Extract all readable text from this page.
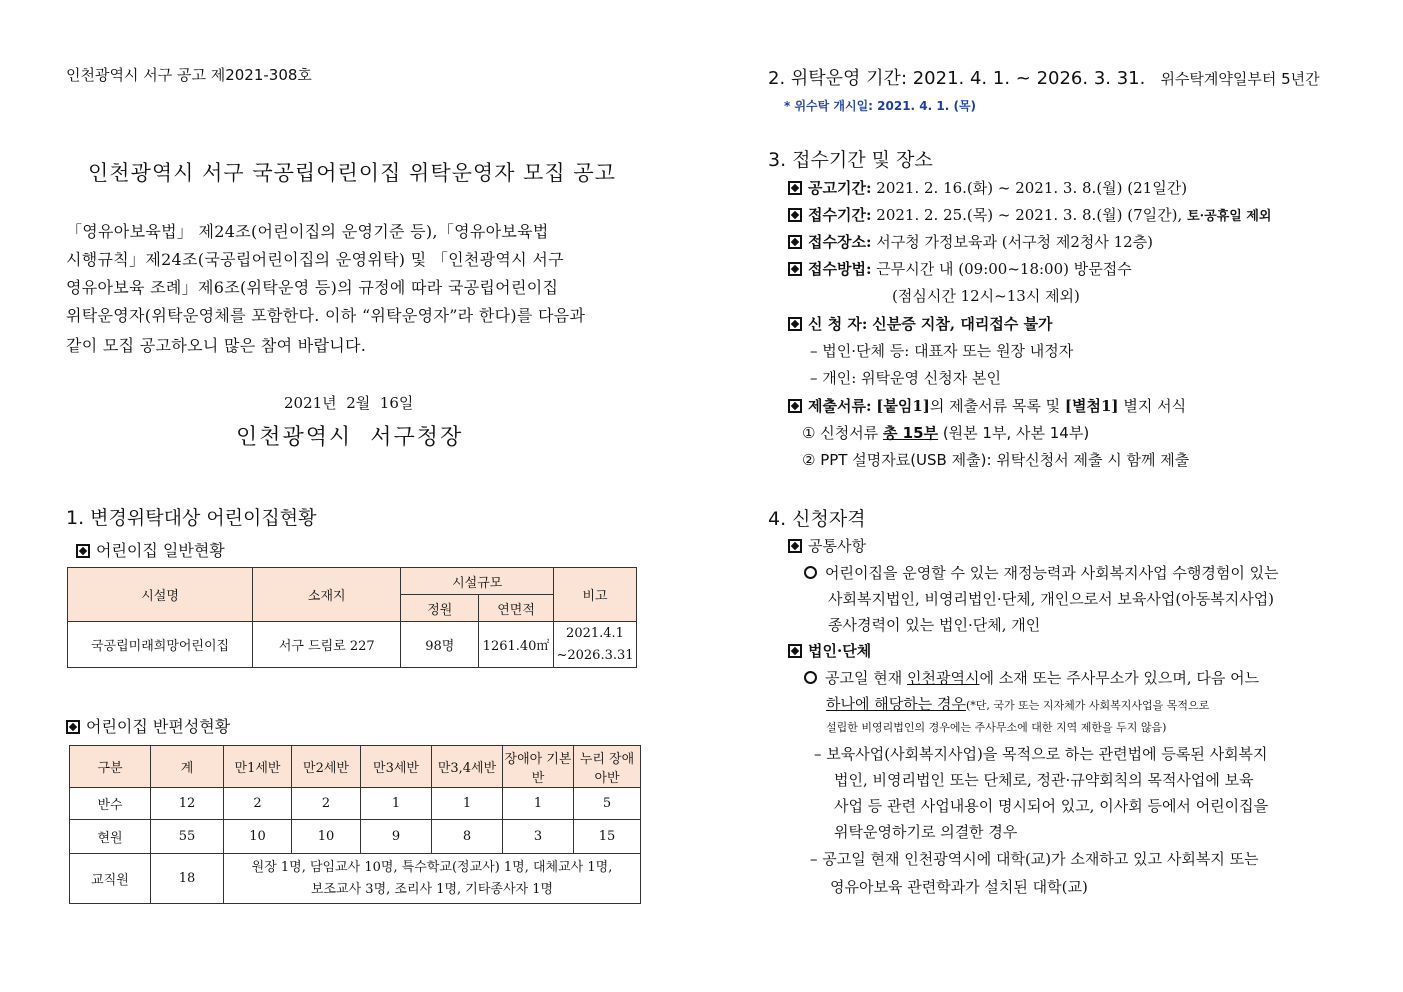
인천광역시 서구 공고 제2021-308호
인천광역시 서구 국공립어린이집 위탁운영자 모집 공고
「영유아보육법」 제24조(어린이집의 운영기준 등),「영유아보육법
시행규칙」제24조(국공립어린이집의 운영위탁) 및 「인천광역시 서구
영유아보육 조례」제6조(위탁운영 등)의 규정에 따라 국공립어린이집
위탁운영자(위탁운영체를 포함한다. 이하 “위탁운영자”라 한다)를 다음과
같이 모집 공고하오니 많은 참여 바랍니다.
2021년  2월  16일
인천광역시  서구청장
1. 변경위탁대상 어린이집현황
어린이집 일반현황
시설명	소재지	시설규모		비고
		정원	연면적	
국공립미래희망어린이집	서구 드림로 227	98명	1261.40㎡	2021.4.1
~2026.3.31
어린이집 반편성현황
구분	계	만1세반	만2세반	만3세반	만3,4세반	장애아 기본반	누리 장애아반
반수	12	2	2	1	1	1	5
현원	55	10	10	9	8	3	15
교직원	18	원장 1명, 담임교사 10명, 특수학교(정교사) 1명, 대체교사 1명,
보조교사 3명, 조리사 1명, 기타종사자 1명					
2. 위탁운영 기간: 2021. 4. 1. ~ 2026. 3. 31. 위수탁계약일부터 5년간
* 위수탁 개시일: 2021. 4. 1. (목)
3. 접수기간 및 장소
공고기간: 2021. 2. 16.(화) ~ 2021. 3. 8.(월) (21일간)
접수기간: 2021. 2. 25.(목) ~ 2021. 3. 8.(월) (7일간), 토·공휴일 제외
접수장소: 서구청 가정보육과 (서구청 제2청사 12층)
접수방법: 근무시간 내 (09:00~18:00) 방문접수
(점심시간 12시~13시 제외)
신 청 자: 신분증 지참, 대리접수 불가
– 법인·단체 등: 대표자 또는 원장 내정자
– 개인: 위탁운영 신청자 본인
제출서류: [붙임1]의 제출서류 목록 및 [별첨1] 별지 서식
① 신청서류 총 15부 (원본 1부, 사본 14부)
② PPT 설명자료(USB 제출): 위탁신청서 제출 시 함께 제출
4. 신청자격
공통사항
어린이집을 운영할 수 있는 재정능력과 사회복지사업 수행경험이 있는
사회복지법인, 비영리법인·단체, 개인으로서 보육사업(아동복지사업)
종사경력이 있는 법인·단체, 개인
법인·단체
공고일 현재 인천광역시에 소재 또는 주사무소가 있으며, 다음 어느
하나에 해당하는 경우(*단, 국가 또는 지자체가 사회복지사업을 목적으로
설립한 비영리법인의 경우에는 주사무소에 대한 지역 제한을 두지 않음)
– 보육사업(사회복지사업)을 목적으로 하는 관련법에 등록된 사회복지
법인, 비영리법인 또는 단체로, 정관·규약회칙의 목적사업에 보육
사업 등 관련 사업내용이 명시되어 있고, 이사회 등에서 어린이집을
위탁운영하기로 의결한 경우
– 공고일 현재 인천광역시에 대학(교)가 소재하고 있고 사회복지 또는
영유아보육 관련학과가 설치된 대학(교)
